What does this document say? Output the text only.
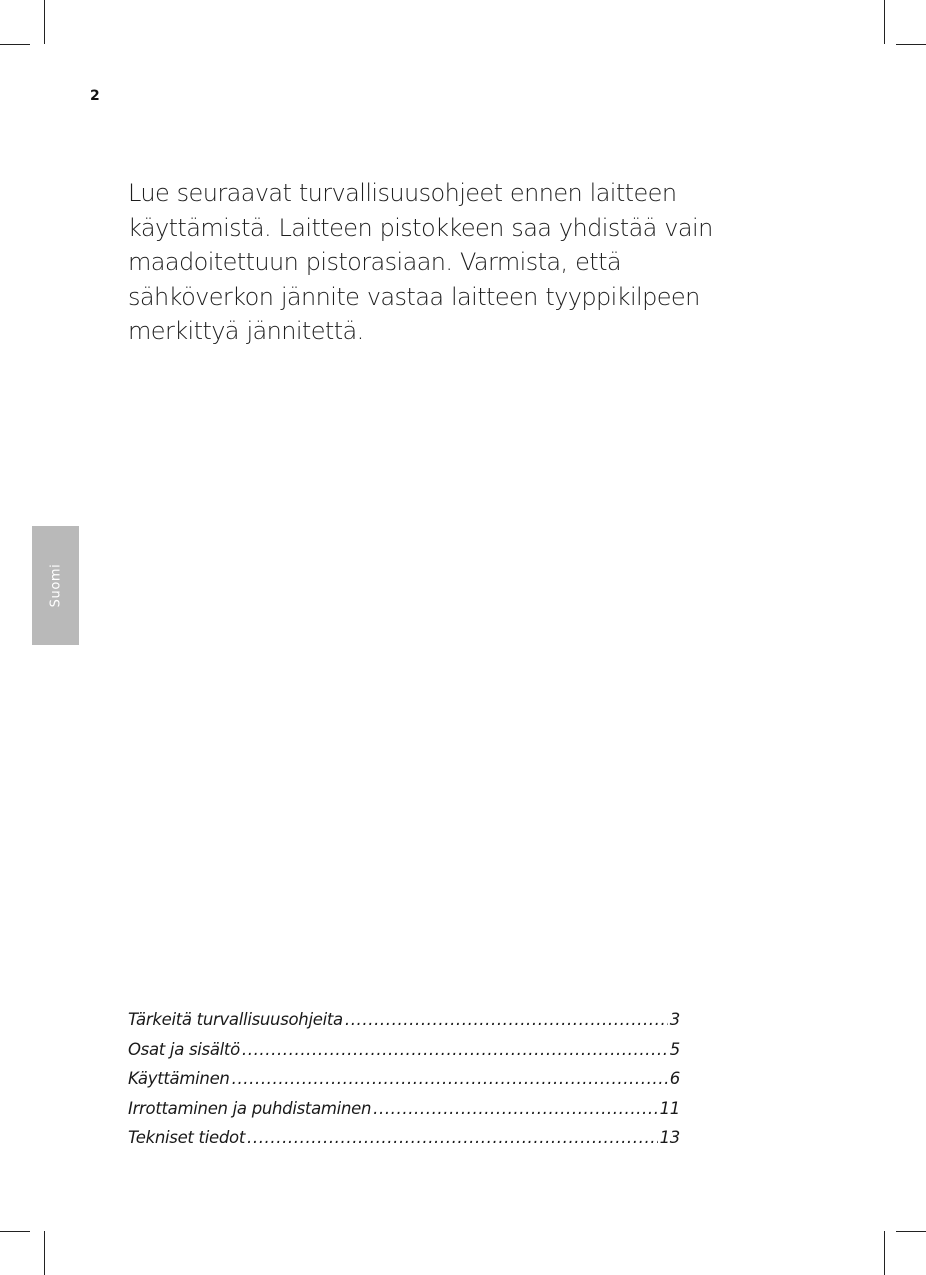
2

Lue seuraavat turvallisuusohjeet ennen laitteen käyttämistä. Laitteen pistokkeen saa yhdistää vain maadoitettuun pistorasiaan. Varmista, että sähköverkon jännite vastaa laitteen tyyppikilpeen merkittyä jännitettä.

Suomi
Tärkeitä turvallisuusohjeita .....	3
Osat ja sisältö .....	5
Käyttäminen .....	6
Irrottaminen ja puhdistaminen .....	11
Tekniset tiedot .....	13
